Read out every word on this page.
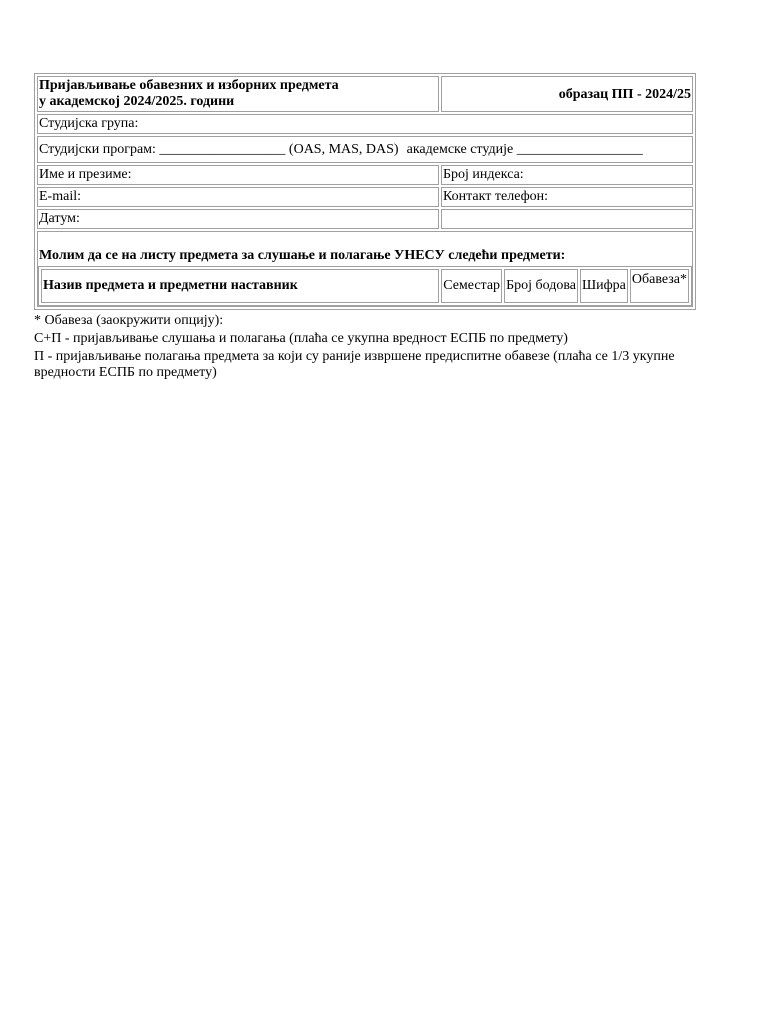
Пријављивање обавезних и изборних предмета
у академској 2024/2025. години	образац ПП - 2024/25
Студијска група:
Студијски програм: __________________ (OAS, MAS, DAS) академске студије __________________
Име и презиме:	Број индекса:
E-mail:	Контакт телефон:
Датум:	

Молим да се на листу предмета за слушање и полагање УНЕСУ следећи предмети:
Назив предмета и предметни наставник	Семестар	Број бодова	Шифра	Обавеза*
* Обавеза (заокружити опцију):
С+П - пријављивање слушања и полагања (плаћа се укупна вредност ЕСПБ по предмету)
П - пријављивање полагања предмета за који су раније извршене предиспитне обавезе (плаћа се 1/3 укупне вредности ЕСПБ по предмету)
